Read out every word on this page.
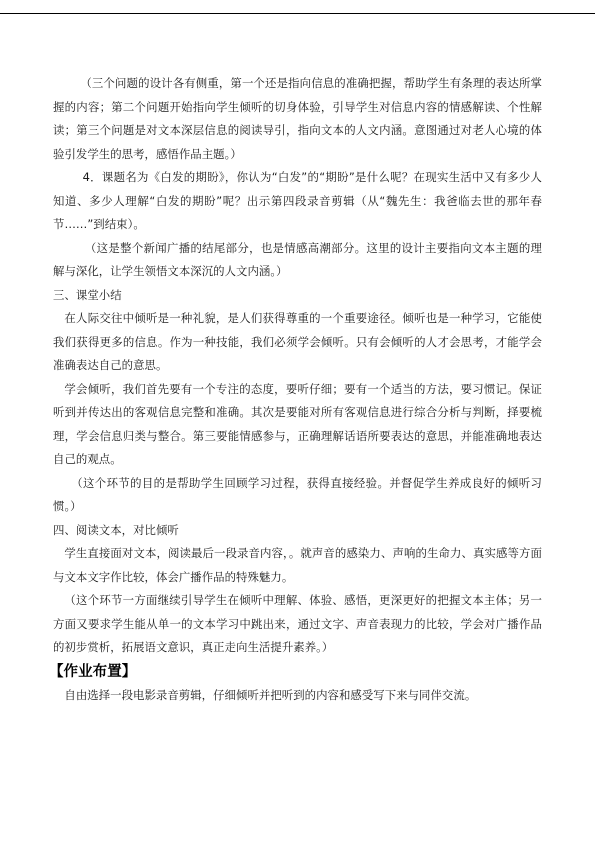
（三个问题的设计各有侧重，第一个还是指向信息的准确把握，帮助学生有条理的表达所掌握的内容；第二个问题开始指向学生倾听的切身体验，引导学生对信息内容的情感解读、个性解读；第三个问题是对文本深层信息的阅读导引，指向文本的人文内涵。意图通过对老人心境的体验引发学生的思考，感悟作品主题。）

4．课题名为《白发的期盼》，你认为“白发”的“期盼”是什么呢？在现实生活中又有多少人知道、多少人理解“白发的期盼”呢？出示第四段录音剪辑（从“魏先生：我爸临去世的那年春节……”到结束）。

（这是整个新闻广播的结尾部分，也是情感高潮部分。这里的设计主要指向文本主题的理解与深化，让学生领悟文本深沉的人文内涵。）

三、课堂小结

在人际交往中倾听是一种礼貌，是人们获得尊重的一个重要途径。倾听也是一种学习，它能使我们获得更多的信息。作为一种技能，我们必须学会倾听。只有会倾听的人才会思考，才能学会准确表达自己的意思。

学会倾听，我们首先要有一个专注的态度，要听仔细；要有一个适当的方法，要习惯记。保证听到并传达出的客观信息完整和准确。其次是要能对所有客观信息进行综合分析与判断，择要梳理，学会信息归类与整合。第三要能情感参与，正确理解话语所要表达的意思，并能准确地表达自己的观点。

（这个环节的目的是帮助学生回顾学习过程，获得直接经验。并督促学生养成良好的倾听习惯。）

四、阅读文本，对比倾听

学生直接面对文本，阅读最后一段录音内容，。就声音的感染力、声响的生命力、真实感等方面与文本文字作比较，体会广播作品的特殊魅力。

（这个环节一方面继续引导学生在倾听中理解、体验、感悟，更深更好的把握文本主体；另一方面又要求学生能从单一的文本学习中跳出来，通过文字、声音表现力的比较，学会对广播作品的初步赏析，拓展语文意识，真正走向生活提升素养。）

【作业布置】

自由选择一段电影录音剪辑，仔细倾听并把听到的内容和感受写下来与同伴交流。
